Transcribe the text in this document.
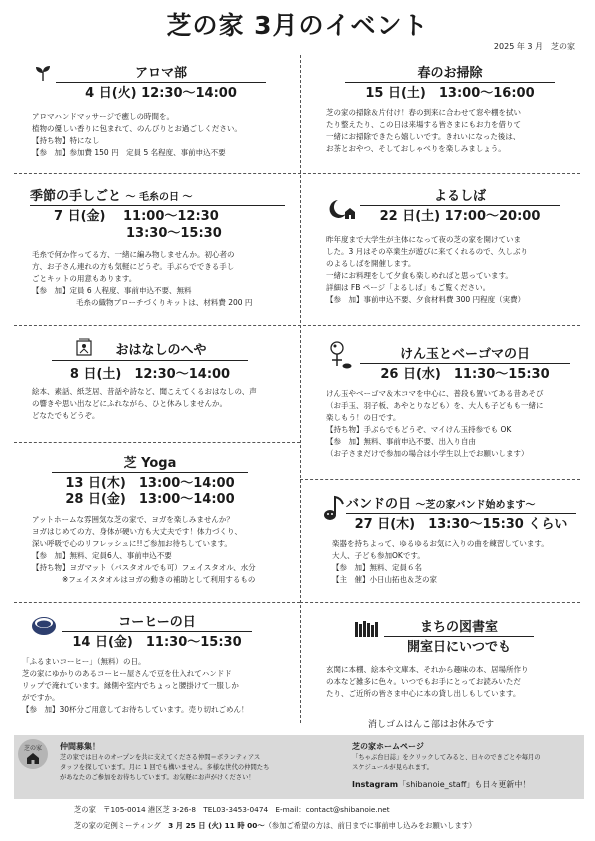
芝の家 3月のイベント
2025 年 3 月　芝の家
アロマ部
4 日(火) 12:30〜14:00
アロマハンドマッサージで癒しの時間を。
植物の優しい香りに包まれて、のんびりとお過ごしください。
【持ち物】特になし
【参　加】参加費 150 円　定員 5 名程度、事前申込不要
春のお掃除
15 日(土)　13:00〜16:00
芝の家の掃除＆片付け！春の到来に合わせて窓や棚を拭い
たり整えたり、この日は来場する皆さまにもお力を借りて
一緒にお掃除できたら嬉しいです。きれいになった後は、
お茶とおやつ、そしておしゃべりを楽しみましょう。
季節の手しごと 〜 毛糸の日 〜
7 日(金)　 11:00〜12:30
13:30〜15:30
毛糸で何か作ってる方、一緒に編み物しませんか。初心者の
方、お子さん連れの方も気軽にどうぞ。手ぶらでできる手し
ごとキットの用意もあります。
【参　加】定員 6 人程度、事前申込不要、無料
毛糸の織物ブローチづくりキットは、材料費 200 円
よるしば
22 日(土) 17:00〜20:00
昨年度まで大学生が主体になって夜の芝の家を開けていま
した。3 月はその卒業生が遊びに来てくれるので、久しぶり
のよるしばを開催します。
一緒にお料理をして夕食も楽しめればと思っています。
詳細は FB ページ「よるしば」もご覧ください。
【参　加】事前申込不要、夕食材料費 300 円程度（実費）
おはなしのへや
8 日(土)　12:30〜14:00
絵本、素話、紙芝居、昔話や詩など、聞こえてくるおはなしの、声
の響きや思い出などにふれながら、ひと休みしませんか。
どなたでもどうぞ。
けん玉とベーゴマの日
26 日(水)　11:30〜15:30
けん玉やベーゴマ＆木コマを中心に、普段も置いてある昔あそび
（お手玉、羽子板、あやとりなども）を、大人も子どもも一緒に
楽しもう！の日です。
【持ち物】手ぶらでもどうぞ、マイけん玉持参でも OK
【参　加】無料、事前申込不要、出入り自由
（お子さまだけで参加の場合は小学生以上でお願いします）
芝 Yoga
13 日(木)　13:00〜14:00
28 日(金)　13:00〜14:00
アットホームな雰囲気な芝の家で、ヨガを楽しみませんか？
ヨガはじめての方、身体が硬い方も大丈夫です！体力づくり、
深い呼吸で心のリフレッシュに!!ご参加お待ちしています。
【参　加】無料、定員6人、事前申込不要
【持ち物】ヨガマット（バスタオルでも可）フェイスタオル、水分
※フェイスタオルはヨガの動きの補助として利用するもの
バンドの日 〜芝の家バンド始めます〜
27 日(木)　13:30〜15:30 くらい
楽器を持ちよって、ゆるゆるお気に入りの曲を練習しています。
大人、子ども参加OKです。
【参　加】無料、定員６名
【主　催】小日山拓也＆芝の家
コーヒーの日
14 日(金)　11:30〜15:30
「ふるまいコーヒー」（無料）の日。
芝の家にゆかりのあるコーヒー屋さんで豆を仕入れてハンドド
リップで淹れています。縁側や室内でちょっと腰掛けて一服しか
がですか。
【参　加】30杯分ご用意してお待ちしています。売り切れごめん！
まちの図書室
開室日にいつでも
玄関に本棚、絵本や文庫本、それから趣味の本、居場所作り
の本など雑多に色々。いつでもお手にとってお読みいただ
たり、ご近所の皆さま中心に本の貸し出しもしています。
消しゴムはんこ部はお休みです
芝の家	仲間募集！
芝の家では日々のオープンを共に支えてくださる仲間＝ボランティアス
タッフを探しています。月に 1 回でも構いません。多様な世代の仲間たち
があなたのご参加をお待ちしています。お気軽にお声がけください！
芝の家ホームページ
「ちゃぶ台日誌」をクリックしてみると、日々のできごとや毎月の
スケジュールが見られます。
Instagram「shibanoie_staff」も日々更新中！
芝の家　〒105-0014 港区芝 3-26-8　TEL03-3453-0474　E-mail：contact@shibanoie.net
芝の家の定例ミーティング　3 月 25 日 (火) 11 時 00〜（参加ご希望の方は、前日までに事前申し込みをお願いします）
